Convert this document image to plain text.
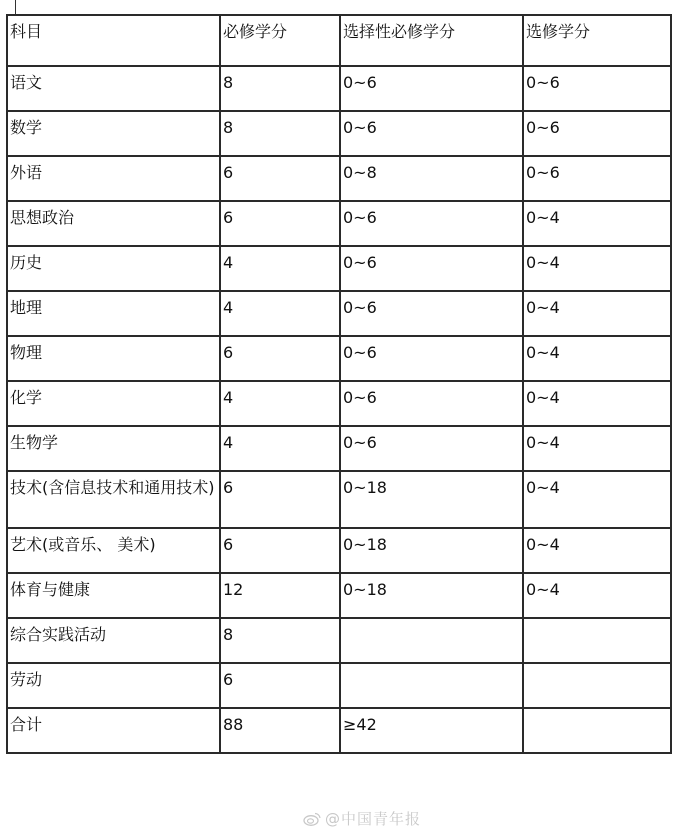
科目	必修学分	选择性必修学分	选修学分
语文	8	0~6	0~6
数学	8	0~6	0~6
外语	6	0~8	0~6
思想政治	6	0~6	0~4
历史	4	0~6	0~4
地理	4	0~6	0~4
物理	6	0~6	0~4
化学	4	0~6	0~4
生物学	4	0~6	0~4
技术(含信息技术和通用技术)	6	0~18	0~4
艺术(或音乐、 美术)	6	0~18	0~4
体育与健康	12	0~18	0~4
综合实践活动	8		
劳动	6		
合计	88	≥42	
@中国青年报
